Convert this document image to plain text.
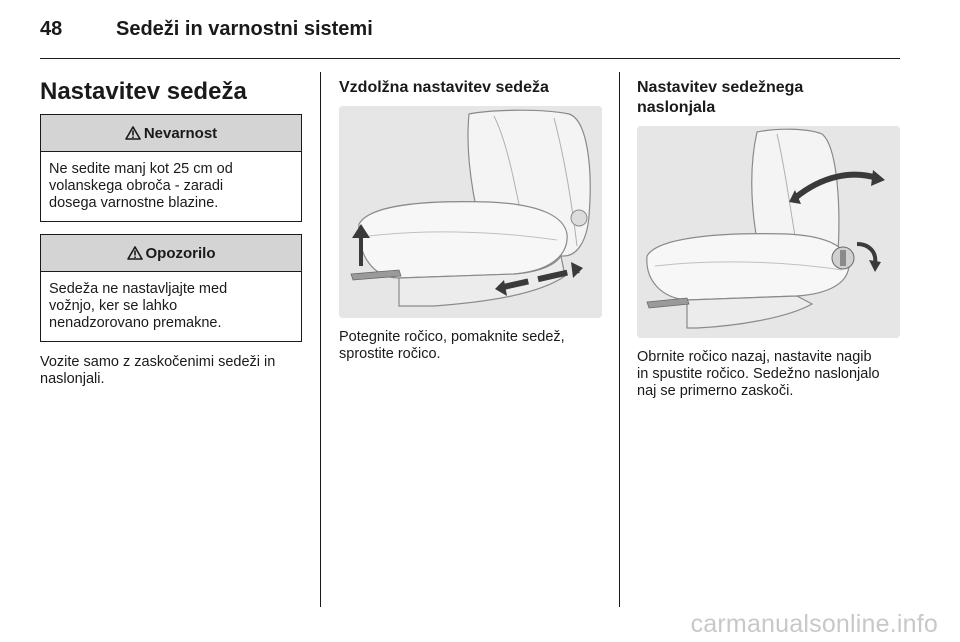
48	Sedeži in varnostni sistemi
Nastavitev sedeža
Nevarnost
Ne sedite manj kot 25 cm od
volanskega obroča - zaradi
dosega varnostne blazine.
Opozorilo
Sedeža ne nastavljajte med
vožnjo, ker se lahko
nenadzorovano premakne.
Vozite samo z zaskočenimi sedeži in
naslonjali.
Vzdolžna nastavitev sedeža
Potegnite ročico, pomaknite sedež,
sprostite ročico.
Nastavitev sedežnega
naslonjala
Obrnite ročico nazaj, nastavite nagib
in spustite ročico. Sedežno naslonjalo
naj se primerno zaskoči.
carmanualsonline.info
